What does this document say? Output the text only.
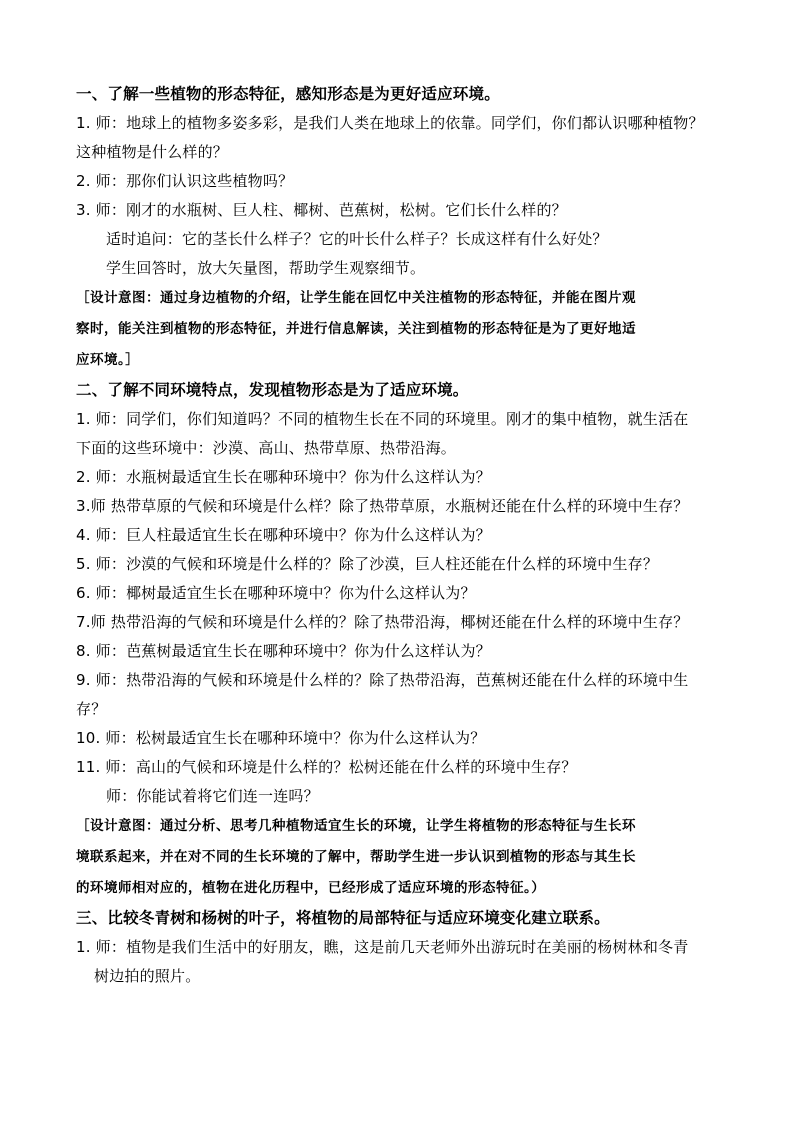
一、了解一些植物的形态特征，感知形态是为更好适应环境。
1. 师：地球上的植物多姿多彩，是我们人类在地球上的依靠。同学们，你们都认识哪种植物？
这种植物是什么样的？
2. 师：那你们认识这些植物吗？
3. 师：刚才的水瓶树、巨人柱、椰树、芭蕉树，松树。它们长什么样的？
适时追问：它的茎长什么样子？它的叶长什么样子？长成这样有什么好处？
学生回答时，放大矢量图，帮助学生观察细节。
［设计意图：通过身边植物的介绍，让学生能在回忆中关注植物的形态特征，并能在图片观
察时，能关注到植物的形态特征，并进行信息解读，关注到植物的形态特征是为了更好地适
应环境。］
二、了解不同环境特点，发现植物形态是为了适应环境。
1. 师：同学们，你们知道吗？不同的植物生长在不同的环境里。刚才的集中植物，就生活在
下面的这些环境中：沙漠、高山、热带草原、热带沿海。
2. 师：水瓶树最适宜生长在哪种环境中？你为什么这样认为？
3.师 热带草原的气候和环境是什么样？除了热带草原，水瓶树还能在什么样的环境中生存？
4. 师：巨人柱最适宜生长在哪种环境中？你为什么这样认为？
5. 师：沙漠的气候和环境是什么样的？除了沙漠，巨人柱还能在什么样的环境中生存？
6. 师：椰树最适宜生长在哪种环境中？你为什么这样认为？
7.师 热带沿海的气候和环境是什么样的？除了热带沿海，椰树还能在什么样的环境中生存？
8. 师：芭蕉树最适宜生长在哪种环境中？你为什么这样认为？
9. 师：热带沿海的气候和环境是什么样的？除了热带沿海，芭蕉树还能在什么样的环境中生
存？
10. 师：松树最适宜生长在哪种环境中？你为什么这样认为？
11. 师：高山的气候和环境是什么样的？松树还能在什么样的环境中生存？
师：你能试着将它们连一连吗？
［设计意图：通过分析、思考几种植物适宜生长的环境，让学生将植物的形态特征与生长环
境联系起来，并在对不同的生长环境的了解中，帮助学生进一步认识到植物的形态与其生长
的环境师相对应的，植物在进化历程中，已经形成了适应环境的形态特征。）
三、比较冬青树和杨树的叶子，将植物的局部特征与适应环境变化建立联系。
1. 师：植物是我们生活中的好朋友，瞧，这是前几天老师外出游玩时在美丽的杨树林和冬青
树边拍的照片。
